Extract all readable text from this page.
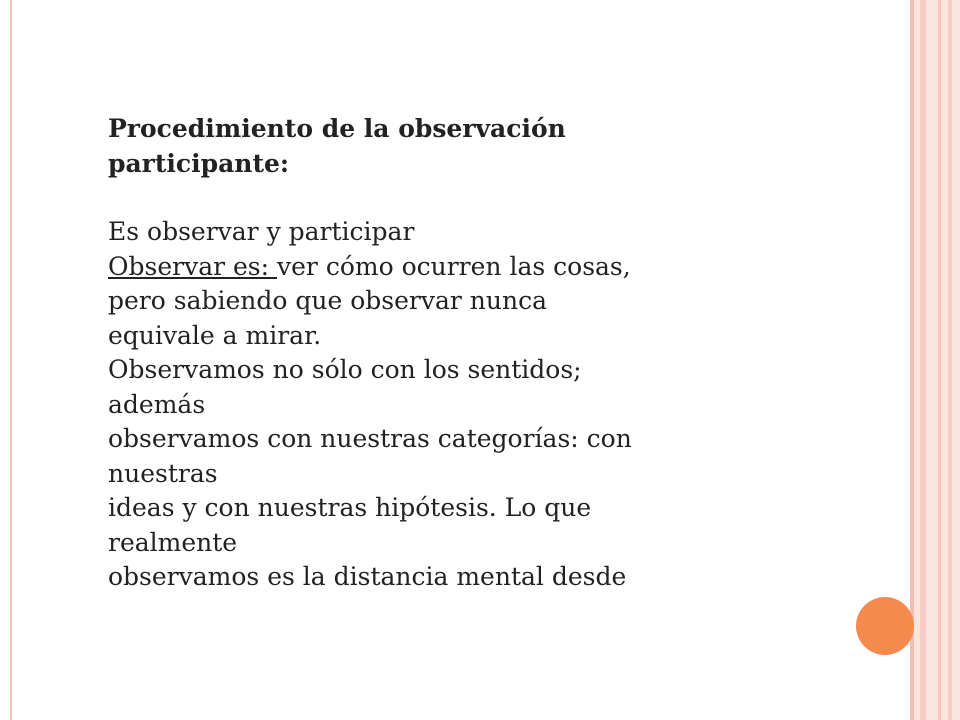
Procedimiento de la observación
participante:
Es observar y participar
Observar es: ver cómo ocurren las cosas,
pero sabiendo que observar nunca
equivale a mirar.
Observamos no sólo con los sentidos;
además
observamos con nuestras categorías: con
nuestras
ideas y con nuestras hipótesis. Lo que
realmente
observamos es la distancia mental desde
